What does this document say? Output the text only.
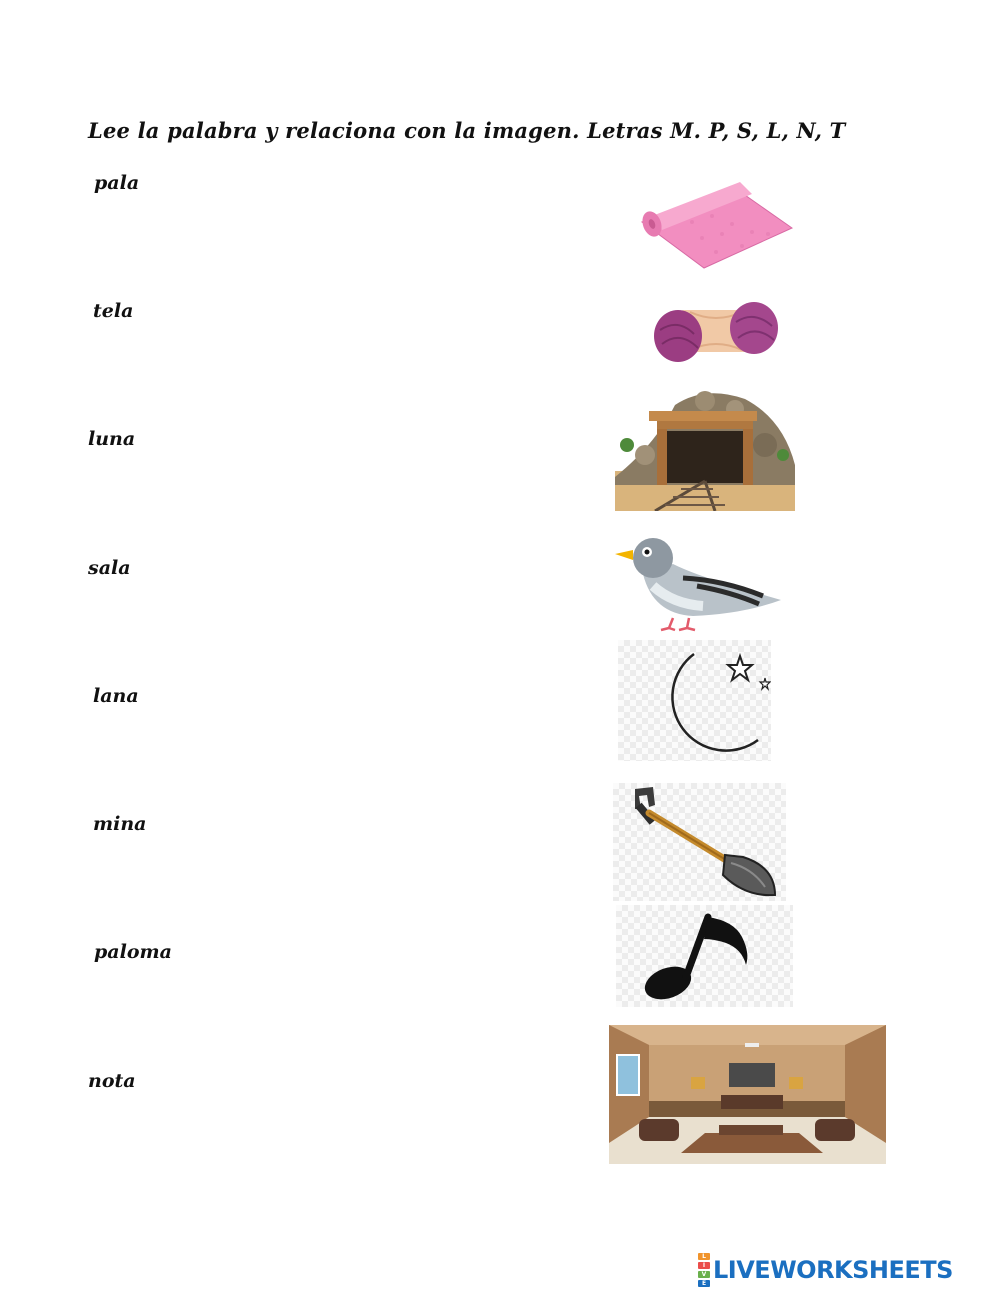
Lee la palabra y relaciona con la imagen. Letras M. P, S, L, N, T
pala
tela
luna
sala
lana
mina
paloma
nota
L
I
V
E LIVEWORKSHEETS
